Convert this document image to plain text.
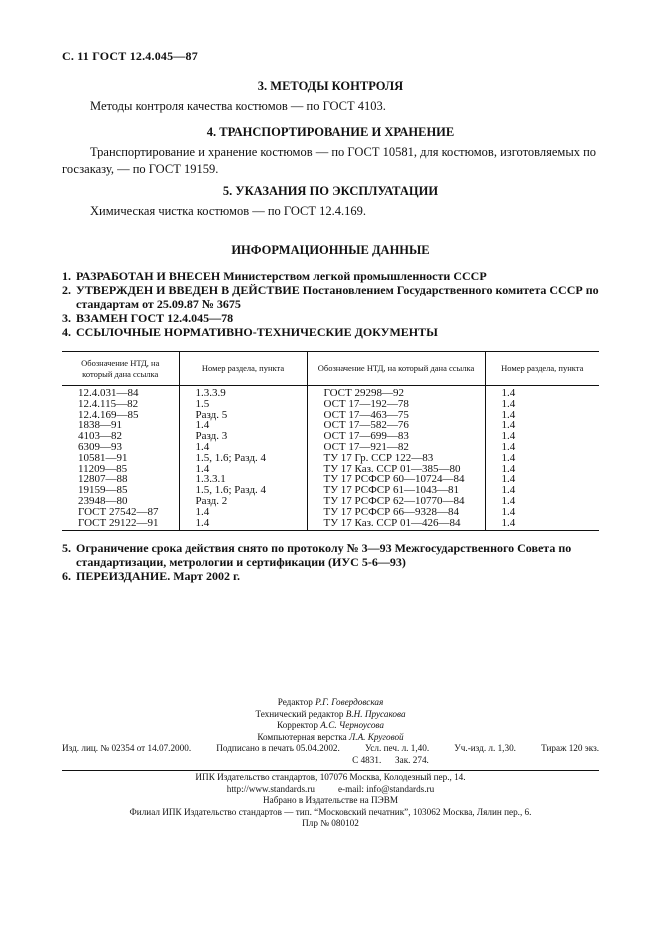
С. 11 ГОСТ 12.4.045—87
3. МЕТОДЫ КОНТРОЛЯ
Методы контроля качества костюмов — по ГОСТ 4103.
4. ТРАНСПОРТИРОВАНИЕ И ХРАНЕНИЕ
Транспортирование и хранение костюмов — по ГОСТ 10581, для костюмов, изготовляемых по госзаказу, — по ГОСТ 19159.
5. УКАЗАНИЯ ПО ЭКСПЛУАТАЦИИ
Химическая чистка костюмов — по ГОСТ 12.4.169.
ИНФОРМАЦИОННЫЕ ДАННЫЕ
1. РАЗРАБОТАН И ВНЕСЕН Министерством легкой промышленности СССР
2. УТВЕРЖДЕН И ВВЕДЕН В ДЕЙСТВИЕ Постановлением Государственного комитета СССР по стандартам от 25.09.87 № 3675
3. ВЗАМЕН ГОСТ 12.4.045—78
4. ССЫЛОЧНЫЕ НОРМАТИВНО-ТЕХНИЧЕСКИЕ ДОКУМЕНТЫ
Обозначение НТД, на который дана ссылка	Номер раздела, пункта	Обозначение НТД, на который дана ссылка	Номер раздела, пункта
12.4.031—84	1.3.3.9	ГОСТ 29298—92	1.4
12.4.115—82	1.5	ОСТ 17—192—78	1.4
12.4.169—85	Разд. 5	ОСТ 17—463—75	1.4
1838—91	1.4	ОСТ 17—582—76	1.4
4103—82	Разд. 3	ОСТ 17—699—83	1.4
6309—93	1.4	ОСТ 17—921—82	1.4
10581—91	1.5, 1.6; Разд. 4	ТУ 17 Гр. ССР 122—83	1.4
11209—85	1.4	ТУ 17 Каз. ССР 01—385—80	1.4
12807—88	1.3.3.1	ТУ 17 РСФСР 60—10724—84	1.4
19159—85	1.5, 1.6; Разд. 4	ТУ 17 РСФСР 61—1043—81	1.4
23948—80	Разд. 2	ТУ 17 РСФСР 62—10770—84	1.4
ГОСТ 27542—87	1.4	ТУ 17 РСФСР 66—9328—84	1.4
ГОСТ 29122—91	1.4	ТУ 17 Каз. ССР 01—426—84	1.4
5. Ограничение срока действия снято по протоколу № 3—93 Межгосударственного Совета по стандартизации, метрологии и сертификации (ИУС 5-6—93)
6. ПЕРЕИЗДАНИЕ. Март 2002 г.
Редактор Р.Г. Говердовская
Технический редактор В.Н. Прусакова
Корректор А.С. Черноусова
Компьютерная верстка Л.А. Круговой
Изд. лиц. № 02354 от 14.07.2000.	Подписано в печать 05.04.2002.	Усл. печ. л. 1,40.	Уч.-изд. л. 1,30.	Тираж 120 экз.
С 4831. Зак. 274.
ИПК Издательство стандартов, 107076 Москва, Колодезный пер., 14.
http://www.standards.ru e-mail: info@standards.ru
Набрано в Издательстве на ПЭВМ
Филиал ИПК Издательство стандартов — тип. “Московский печатник”, 103062 Москва, Лялин пер., 6.
Плр № 080102
